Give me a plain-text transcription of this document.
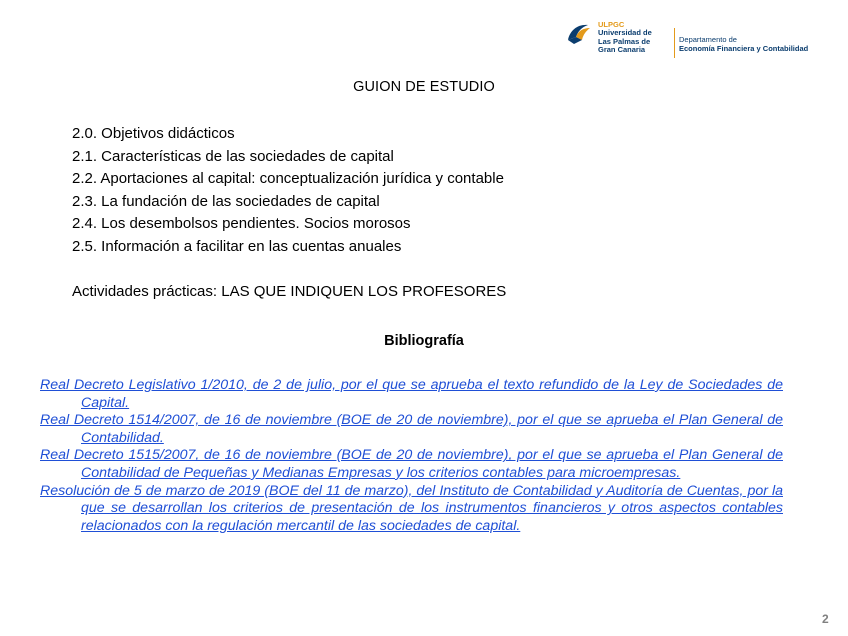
ULPGC
Universidad de
Las Palmas de
Gran Canaria
Departamento de
Economía Financiera y Contabilidad
GUION DE ESTUDIO
2.0. Objetivos didácticos
2.1. Características de las sociedades de capital
2.2. Aportaciones al capital: conceptualización jurídica y contable
2.3. La fundación de las sociedades de capital
2.4. Los desembolsos pendientes. Socios morosos
2.5. Información a facilitar en las cuentas anuales
Actividades prácticas: LAS QUE INDIQUEN LOS PROFESORES
Bibliografía
Real Decreto Legislativo 1/2010, de 2 de julio, por el que se aprueba el texto refundido de la Ley de Sociedades de Capital.
Real Decreto 1514/2007, de 16 de noviembre (BOE de 20 de noviembre), por el que se aprueba el Plan General de Contabilidad.
Real Decreto 1515/2007, de 16 de noviembre (BOE de 20 de noviembre), por el que se aprueba el Plan General de Contabilidad de Pequeñas y Medianas Empresas y los criterios contables para microempresas.
Resolución de 5 de marzo de 2019 (BOE del 11 de marzo), del Instituto de Contabilidad y Auditoría de Cuentas, por la que se desarrollan los criterios de presentación de los instrumentos financieros y otros aspectos contables relacionados con la regulación mercantil de las sociedades de capital.
2
